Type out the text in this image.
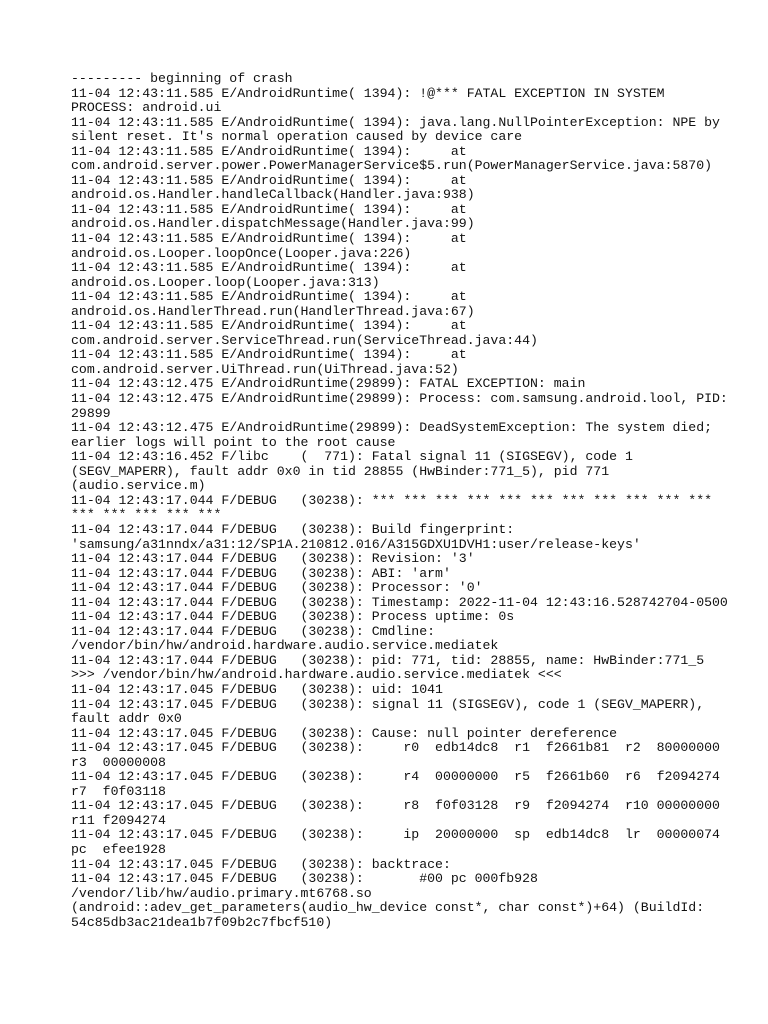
--------- beginning of crash
11-04 12:43:11.585 E/AndroidRuntime( 1394): !@*** FATAL EXCEPTION IN SYSTEM
PROCESS: android.ui
11-04 12:43:11.585 E/AndroidRuntime( 1394): java.lang.NullPointerException: NPE by
silent reset. It's normal operation caused by device care
11-04 12:43:11.585 E/AndroidRuntime( 1394):     at
com.android.server.power.PowerManagerService$5.run(PowerManagerService.java:5870)
11-04 12:43:11.585 E/AndroidRuntime( 1394):     at
android.os.Handler.handleCallback(Handler.java:938)
11-04 12:43:11.585 E/AndroidRuntime( 1394):     at
android.os.Handler.dispatchMessage(Handler.java:99)
11-04 12:43:11.585 E/AndroidRuntime( 1394):     at
android.os.Looper.loopOnce(Looper.java:226)
11-04 12:43:11.585 E/AndroidRuntime( 1394):     at
android.os.Looper.loop(Looper.java:313)
11-04 12:43:11.585 E/AndroidRuntime( 1394):     at
android.os.HandlerThread.run(HandlerThread.java:67)
11-04 12:43:11.585 E/AndroidRuntime( 1394):     at
com.android.server.ServiceThread.run(ServiceThread.java:44)
11-04 12:43:11.585 E/AndroidRuntime( 1394):     at
com.android.server.UiThread.run(UiThread.java:52)
11-04 12:43:12.475 E/AndroidRuntime(29899): FATAL EXCEPTION: main
11-04 12:43:12.475 E/AndroidRuntime(29899): Process: com.samsung.android.lool, PID:
29899
11-04 12:43:12.475 E/AndroidRuntime(29899): DeadSystemException: The system died;
earlier logs will point to the root cause
11-04 12:43:16.452 F/libc    (  771): Fatal signal 11 (SIGSEGV), code 1
(SEGV_MAPERR), fault addr 0x0 in tid 28855 (HwBinder:771_5), pid 771
(audio.service.m)
11-04 12:43:17.044 F/DEBUG   (30238): *** *** *** *** *** *** *** *** *** *** ***
*** *** *** *** ***
11-04 12:43:17.044 F/DEBUG   (30238): Build fingerprint:
'samsung/a31nndx/a31:12/SP1A.210812.016/A315GDXU1DVH1:user/release-keys'
11-04 12:43:17.044 F/DEBUG   (30238): Revision: '3'
11-04 12:43:17.044 F/DEBUG   (30238): ABI: 'arm'
11-04 12:43:17.044 F/DEBUG   (30238): Processor: '0'
11-04 12:43:17.044 F/DEBUG   (30238): Timestamp: 2022-11-04 12:43:16.528742704-0500
11-04 12:43:17.044 F/DEBUG   (30238): Process uptime: 0s
11-04 12:43:17.044 F/DEBUG   (30238): Cmdline:
/vendor/bin/hw/android.hardware.audio.service.mediatek
11-04 12:43:17.044 F/DEBUG   (30238): pid: 771, tid: 28855, name: HwBinder:771_5
>>> /vendor/bin/hw/android.hardware.audio.service.mediatek <<<
11-04 12:43:17.045 F/DEBUG   (30238): uid: 1041
11-04 12:43:17.045 F/DEBUG   (30238): signal 11 (SIGSEGV), code 1 (SEGV_MAPERR),
fault addr 0x0
11-04 12:43:17.045 F/DEBUG   (30238): Cause: null pointer dereference
11-04 12:43:17.045 F/DEBUG   (30238):     r0  edb14dc8  r1  f2661b81  r2  80000000
r3  00000008
11-04 12:43:17.045 F/DEBUG   (30238):     r4  00000000  r5  f2661b60  r6  f2094274
r7  f0f03118
11-04 12:43:17.045 F/DEBUG   (30238):     r8  f0f03128  r9  f2094274  r10 00000000
r11 f2094274
11-04 12:43:17.045 F/DEBUG   (30238):     ip  20000000  sp  edb14dc8  lr  00000074
pc  efee1928
11-04 12:43:17.045 F/DEBUG   (30238): backtrace:
11-04 12:43:17.045 F/DEBUG   (30238):       #00 pc 000fb928
/vendor/lib/hw/audio.primary.mt6768.so
(android::adev_get_parameters(audio_hw_device const*, char const*)+64) (BuildId:
54c85db3ac21dea1b7f09b2c7fbcf510)
